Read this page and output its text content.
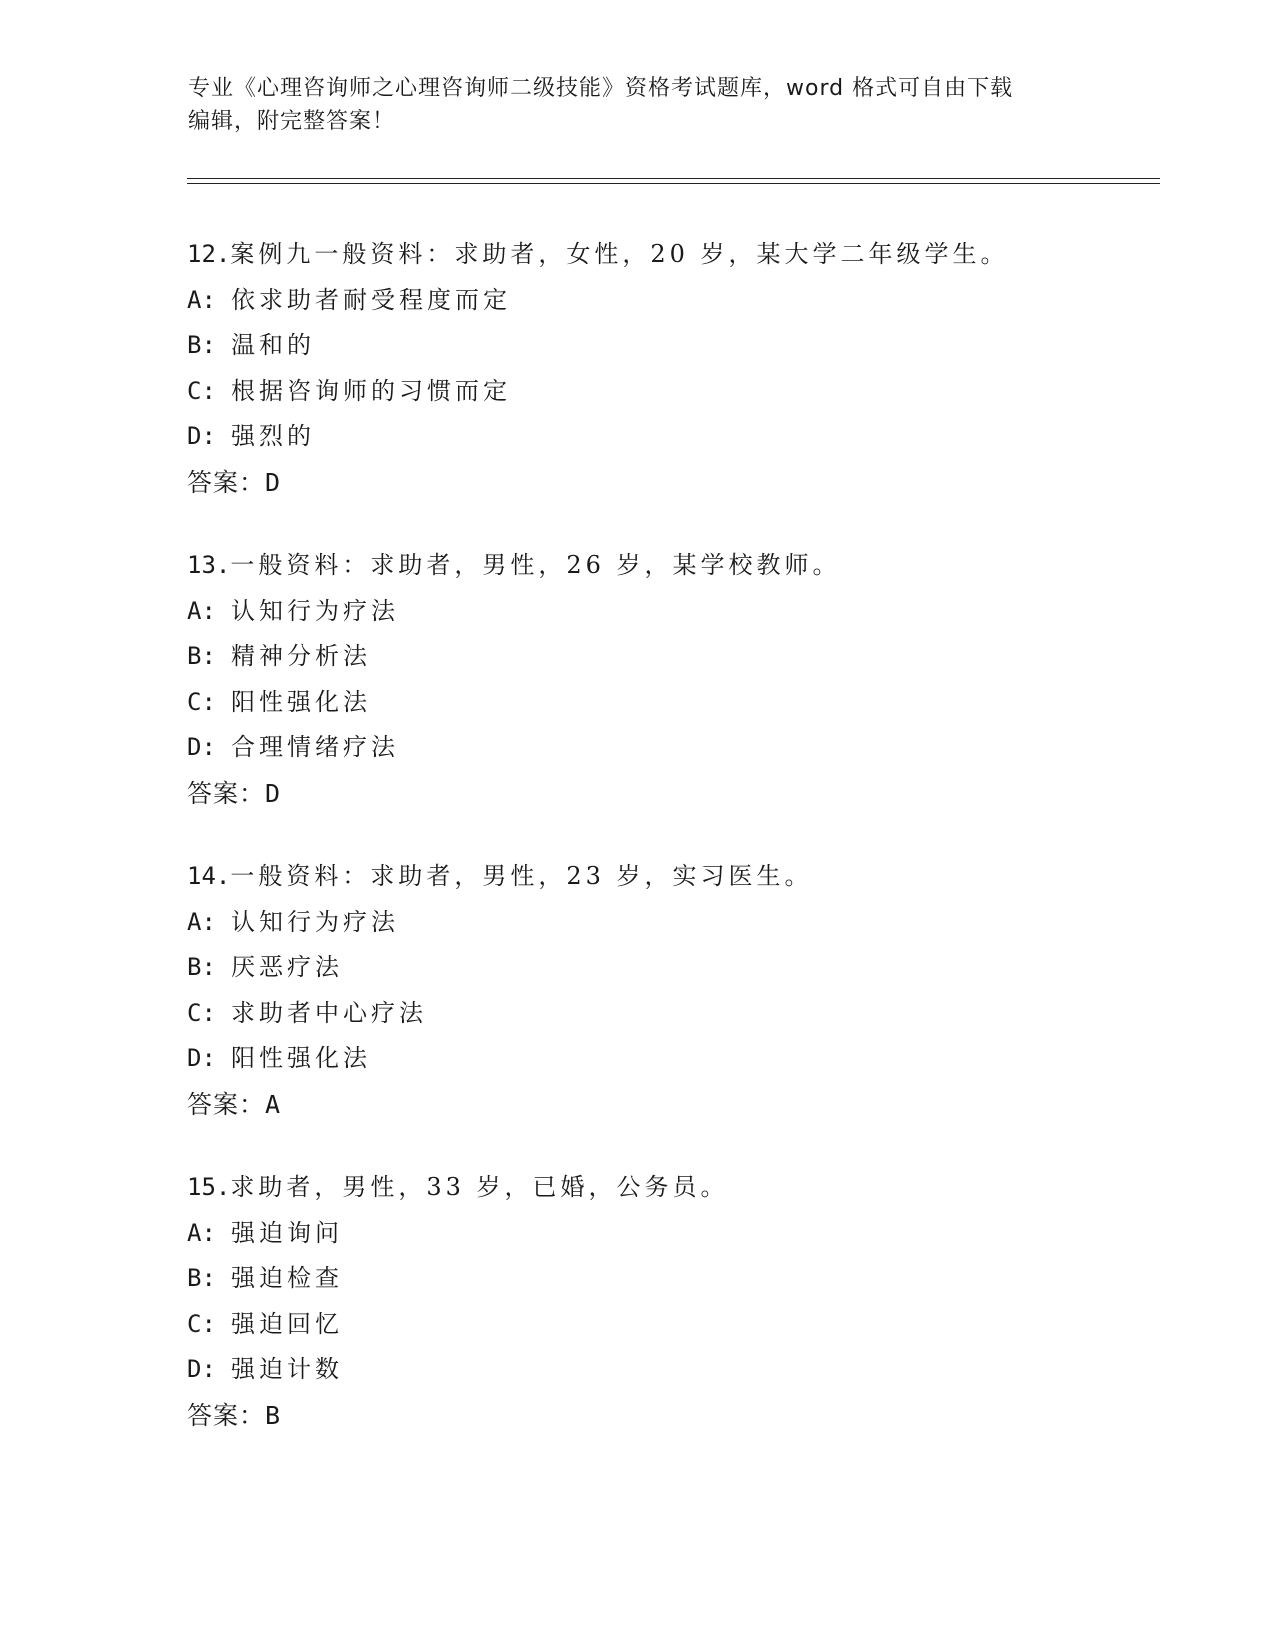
专业《心理咨询师之心理咨询师二级技能》资格考试题库，word 格式可自由下载
编辑，附完整答案！
12.案例九一般资料：求助者，女性，20 岁，某大学二年级学生。
A: 依求助者耐受程度而定
B: 温和的
C: 根据咨询师的习惯而定
D: 强烈的
答案：D
13.一般资料：求助者，男性，26 岁，某学校教师。
A: 认知行为疗法
B: 精神分析法
C: 阳性强化法
D: 合理情绪疗法
答案：D
14.一般资料：求助者，男性，23 岁，实习医生。
A: 认知行为疗法
B: 厌恶疗法
C: 求助者中心疗法
D: 阳性强化法
答案：A
15.求助者，男性，33 岁，已婚，公务员。
A: 强迫询问
B: 强迫检查
C: 强迫回忆
D: 强迫计数
答案：B
